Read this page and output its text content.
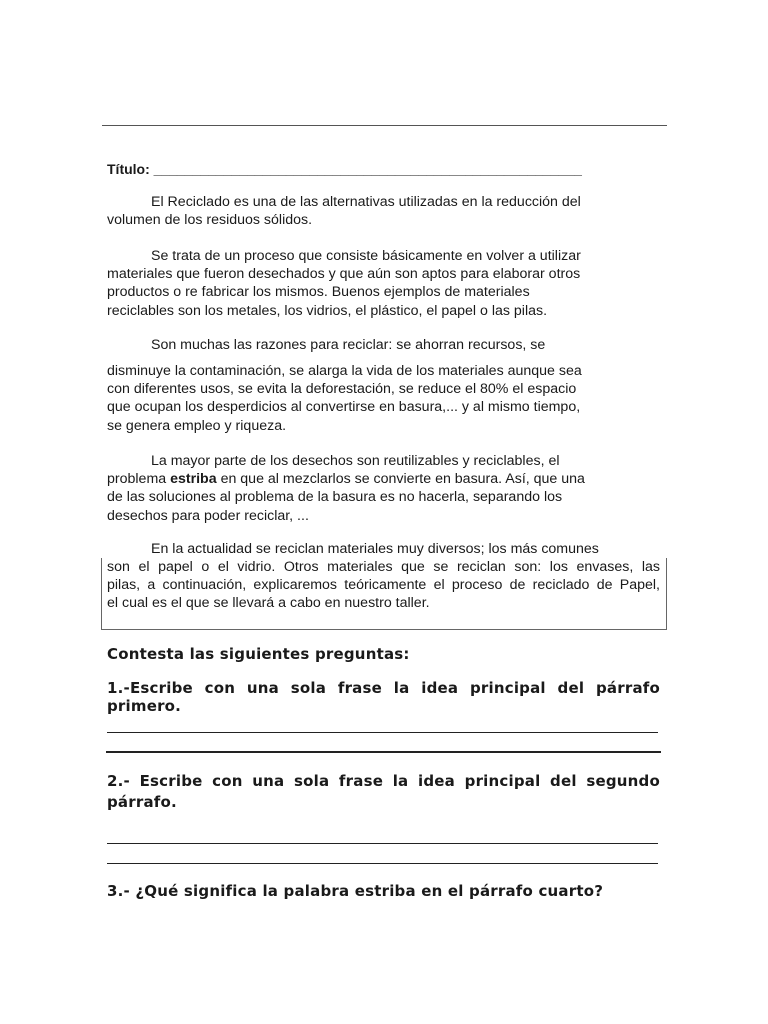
Título: _______________________________________________________
El Reciclado es una de las alternativas utilizadas en la reducción del
volumen de los residuos sólidos.
Se trata de un proceso que consiste básicamente en volver a utilizar
materiales que fueron desechados y que aún son aptos para elaborar otros
productos o re fabricar los mismos. Buenos ejemplos de materiales
reciclables son los metales, los vidrios, el plástico, el papel o las pilas.
Son muchas las razones para reciclar: se ahorran recursos, se
disminuye la contaminación, se alarga la vida de los materiales aunque sea
con diferentes usos, se evita la deforestación, se reduce el 80% el espacio
que ocupan los desperdicios al convertirse en basura,... y al mismo tiempo,
se genera empleo y riqueza.
La mayor parte de los desechos son reutilizables y reciclables, el
problema estriba en que al mezclarlos se convierte en basura. Así, que una
de las soluciones al problema de la basura es no hacerla, separando los
desechos para poder reciclar, ...
En la actualidad se reciclan materiales muy diversos; los más comunes
son el papel o el vidrio. Otros materiales que se reciclan son: los envases, las
pilas, a continuación, explicaremos teóricamente el proceso de reciclado de Papel,
el cual es el que se llevará a cabo en nuestro taller.
Contesta las siguientes preguntas:
1.-Escribe con una sola frase la idea principal del párrafo
primero.
2.- Escribe con una sola frase la idea principal del segundo
párrafo.
3.- ¿Qué significa la palabra estriba en el párrafo cuarto?
